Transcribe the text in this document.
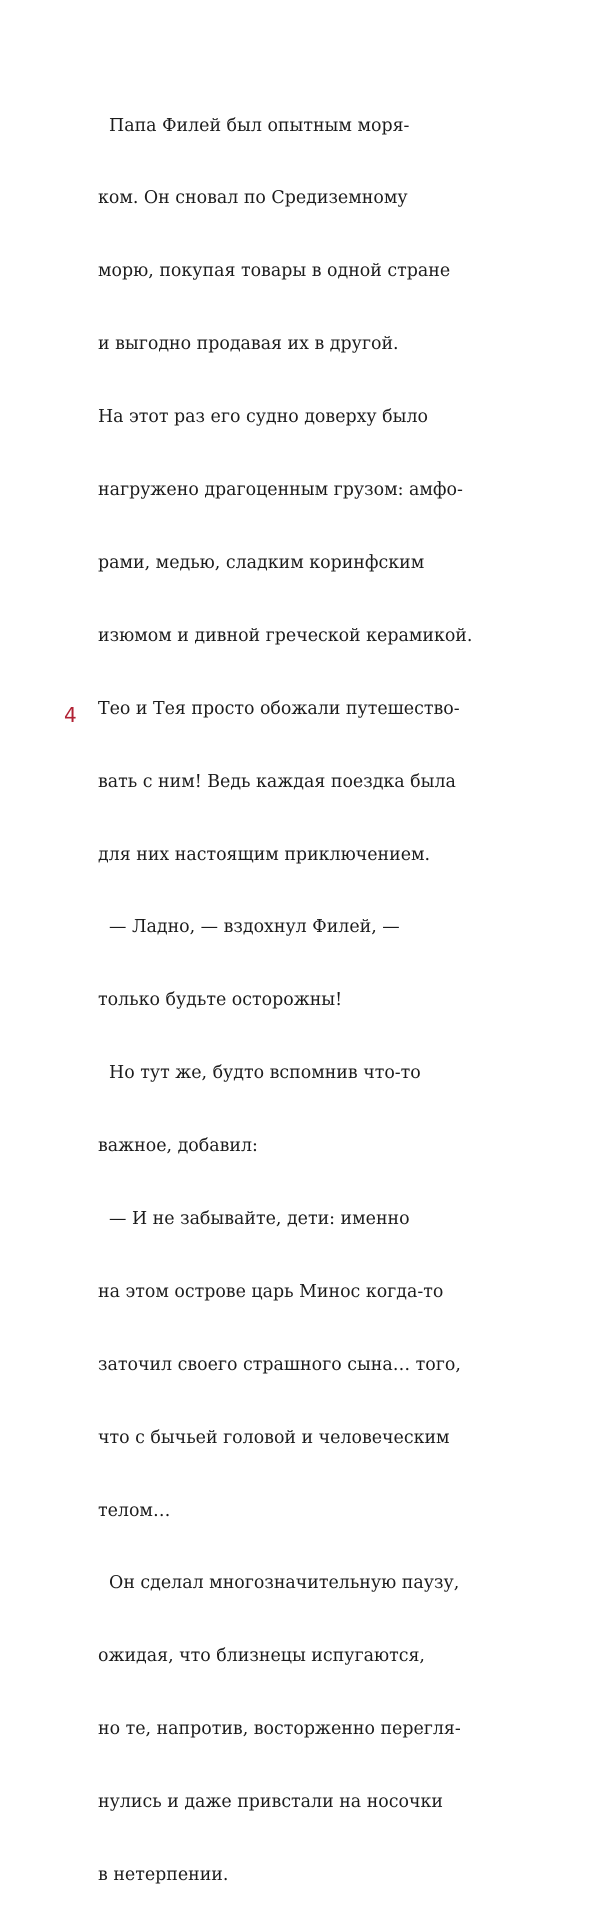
Папа Филей был опытным моря-

ком. Он сновал по Средиземному

морю, покупая товары в одной стране

и выгодно продавая их в другой.

На этот раз его судно доверху было

нагружено драгоценным грузом: амфо-

рами, медью, сладким коринфским

изюмом и дивной греческой керамикой.

Тео и Тея просто обожали путешество-

вать с ним! Ведь каждая поездка была

для них настоящим приключением.

— Ладно, — вздохнул Филей, —

только будьте осторожны!

Но тут же, будто вспомнив что-то

важное, добавил:

— И не забывайте, дети: именно

на этом острове царь Минос когда-то

заточил своего страшного сына… того,

что с бычьей головой и человеческим

телом…

Он сделал многозначительную паузу,

ожидая, что близнецы испугаются,

но те, напротив, восторженно перегля-

нулись и даже привстали на носочки

в нетерпении.

4
